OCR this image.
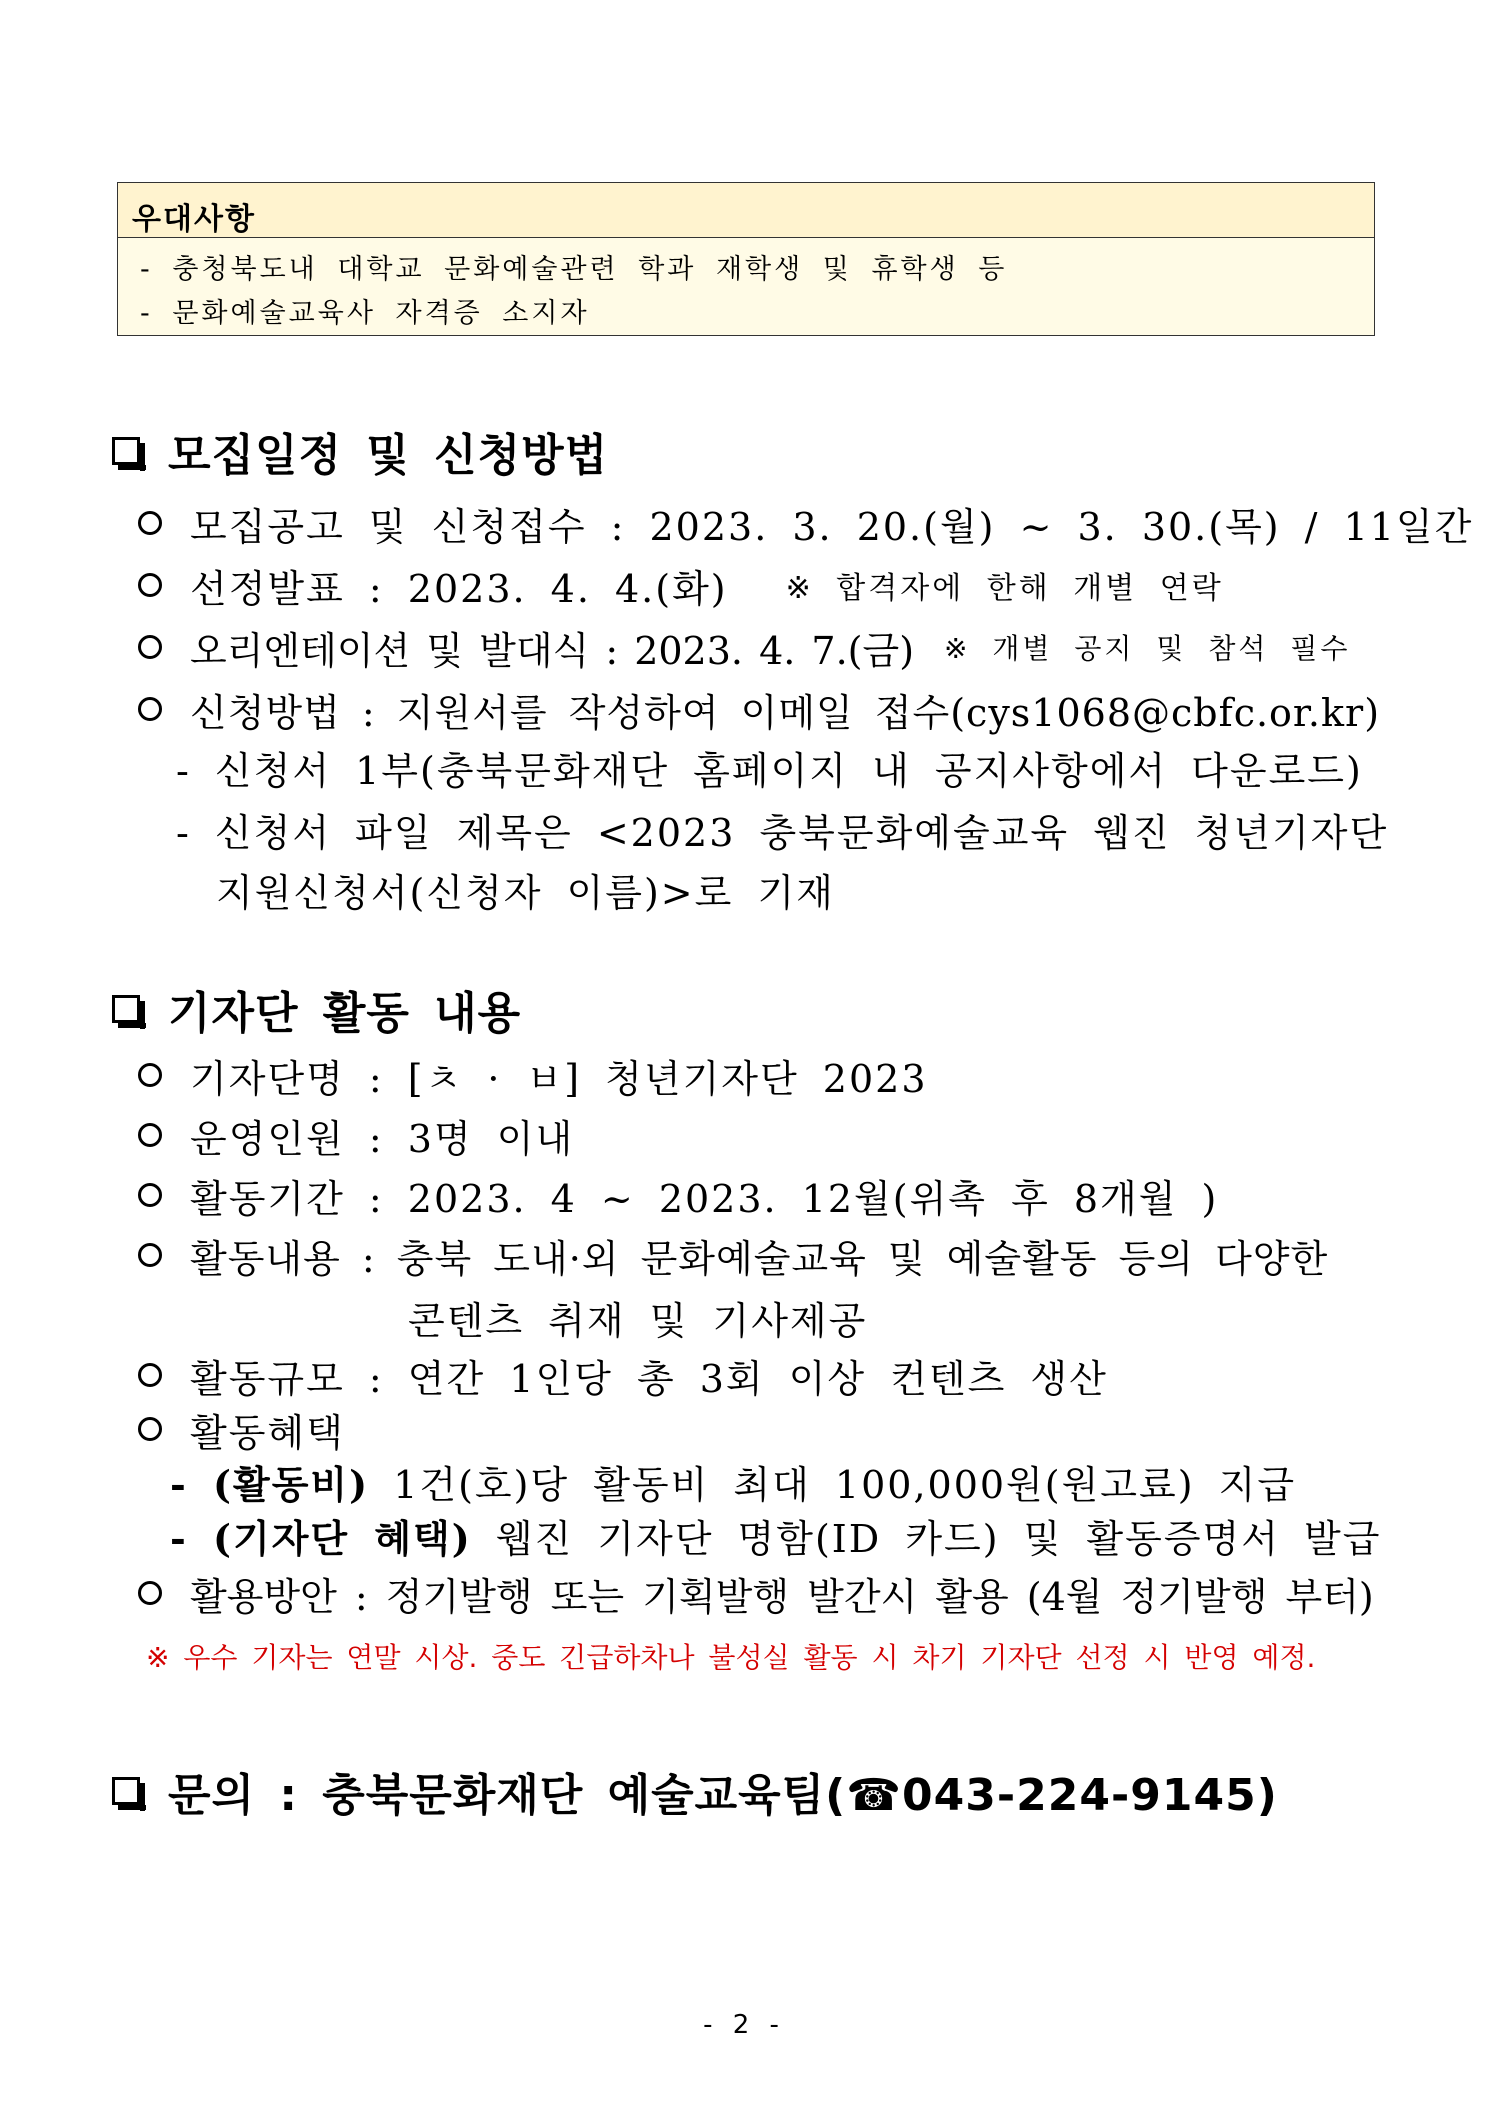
우대사항
- 충청북도내 대학교 문화예술관련 학과 재학생 및 휴학생 등
- 문화예술교육사 자격증 소지자
모집일정 및 신청방법
모집공고 및 신청접수 : 2023. 3. 20.(월) ~ 3. 30.(목) / 11일간
선정발표 : 2023. 4. 4.(화) ※ 합격자에 한해 개별 연락
오리엔테이션 및 발대식 : 2023. 4. 7.(금) ※ 개별 공지 및 참석 필수
신청방법 : 지원서를 작성하여 이메일 접수(cys1068@cbfc.or.kr)
- 신청서 1부(충북문화재단 홈페이지 내 공지사항에서 다운로드)
- 신청서 파일 제목은 <2023 충북문화예술교육 웹진 청년기자단
지원신청서(신청자 이름)>로 기재
기자단 활동 내용
기자단명 : [ㅊ · ㅂ] 청년기자단 2023
운영인원 : 3명 이내
활동기간 : 2023. 4 ~ 2023. 12월(위촉 후 8개월 )
활동내용 : 충북 도내·외 문화예술교육 및 예술활동 등의 다양한
콘텐츠 취재 및 기사제공
활동규모 : 연간 1인당 총 3회 이상 컨텐츠 생산
활동혜택
- (활동비) 1건(호)당 활동비 최대 100,000원(원고료) 지급
- (기자단 혜택) 웹진 기자단 명함(ID 카드) 및 활동증명서 발급
활용방안 : 정기발행 또는 기획발행 발간시 활용 (4월 정기발행 부터)
※ 우수 기자는 연말 시상. 중도 긴급하차나 불성실 활동 시 차기 기자단 선정 시 반영 예정.
문의 : 충북문화재단 예술교육팀(☎043-224-9145)
- 2 -
